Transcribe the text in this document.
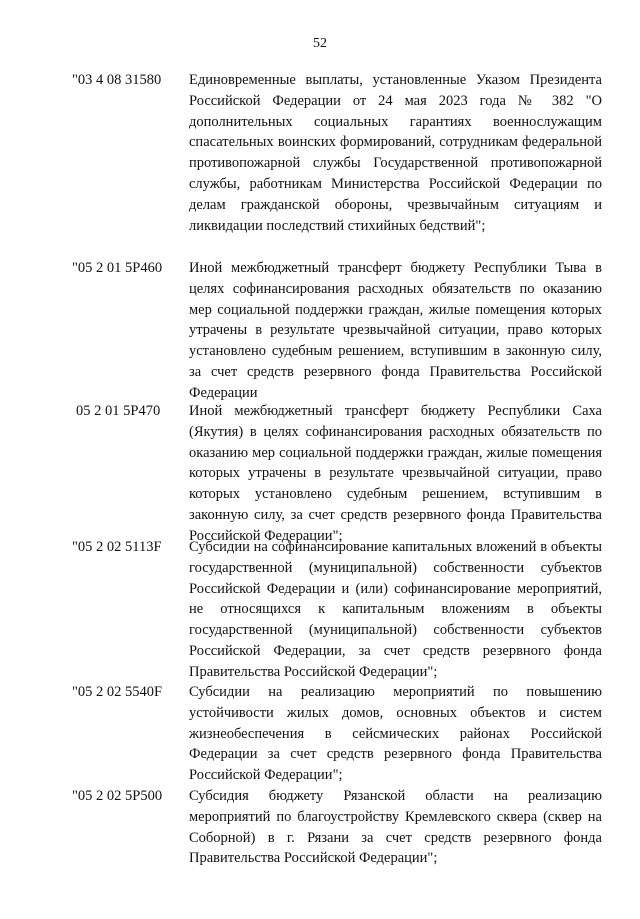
52
"03 4 08 31580 Единовременные выплаты, установленные Указом Президента Российской Федерации от 24 мая 2023 года № 382 "О дополнительных социальных гарантиях военнослужащим спасательных воинских формирований, сотрудникам федеральной противопожарной службы Государственной противопожарной службы, работникам Министерства Российской Федерации по делам гражданской обороны, чрезвычайным ситуациям и ликвидации последствий стихийных бедствий";
"05 2 01 5Р460 Иной межбюджетный трансферт бюджету Республики Тыва в целях софинансирования расходных обязательств по оказанию мер социальной поддержки граждан, жилые помещения которых утрачены в результате чрезвычайной ситуации, право которых установлено судебным решением, вступившим в законную силу, за счет средств резервного фонда Правительства Российской Федерации
05 2 01 5Р470 Иной межбюджетный трансферт бюджету Республики Саха (Якутия) в целях софинансирования расходных обязательств по оказанию мер социальной поддержки граждан, жилые помещения которых утрачены в результате чрезвычайной ситуации, право которых установлено судебным решением, вступившим в законную силу, за счет средств резервного фонда Правительства Российской Федерации";
"05 2 02 5113F Субсидии на софинансирование капитальных вложений в объекты государственной (муниципальной) собственности субъектов Российской Федерации и (или) софинансирование мероприятий, не относящихся к капитальным вложениям в объекты государственной (муниципальной) собственности субъектов Российской Федерации, за счет средств резервного фонда Правительства Российской Федерации";
"05 2 02 5540F Субсидии на реализацию мероприятий по повышению устойчивости жилых домов, основных объектов и систем жизнеобеспечения в сейсмических районах Российской Федерации за счет средств резервного фонда Правительства Российской Федерации";
"05 2 02 5Р500 Субсидия бюджету Рязанской области на реализацию мероприятий по благоустройству Кремлевского сквера (сквер на Соборной) в г. Рязани за счет средств резервного фонда Правительства Российской Федерации";
